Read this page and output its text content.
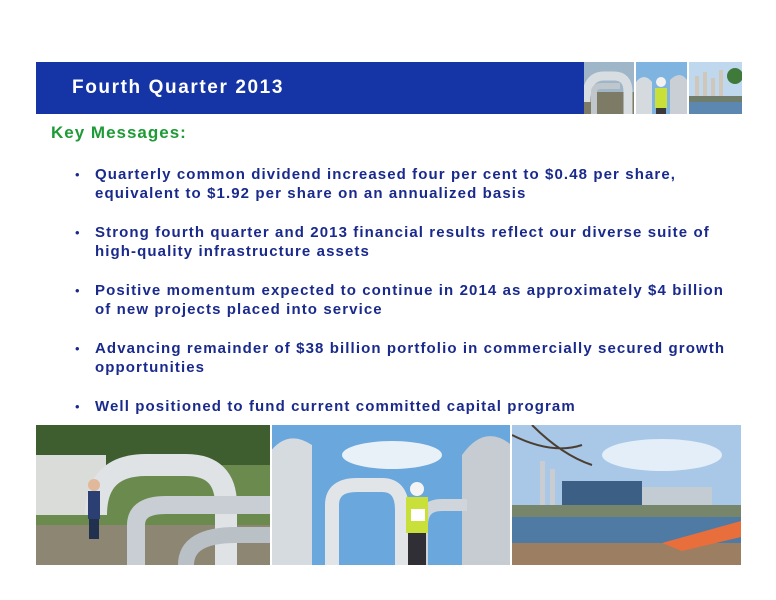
Fourth Quarter 2013
Key Messages:
• Quarterly common dividend increased four per cent to $0.48 per share, equivalent to $1.92 per share on an annualized basis
• Strong fourth quarter and 2013 financial results reflect our diverse suite of high-quality infrastructure assets
• Positive momentum expected to continue in 2014 as approximately $4 billion of new projects placed into service
• Advancing remainder of $38 billion portfolio in commercially secured growth opportunities
• Well positioned to fund current committed capital program
